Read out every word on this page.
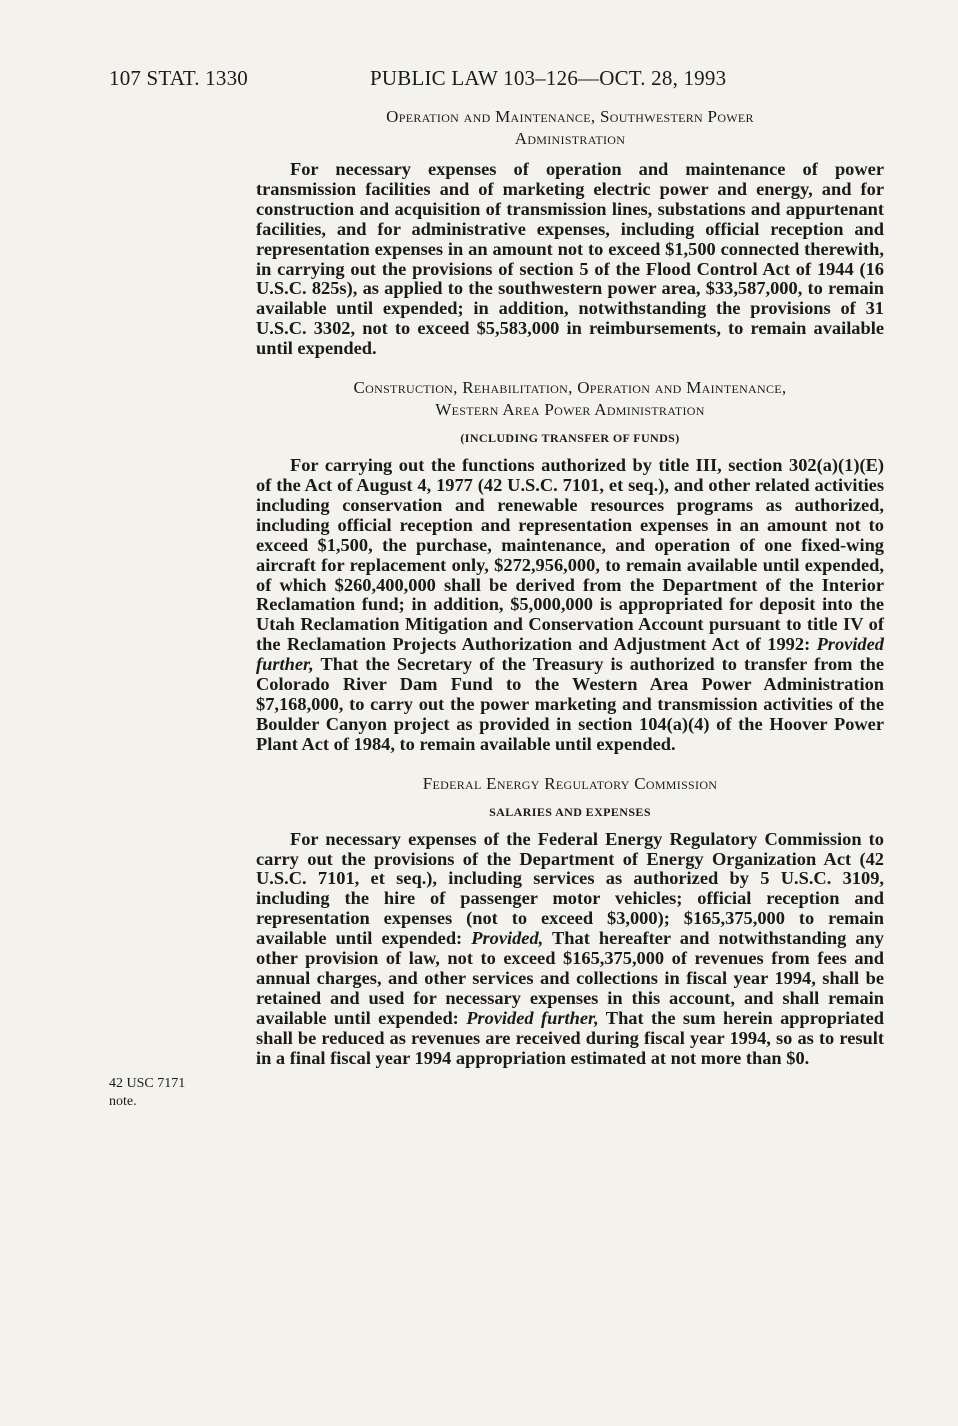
107 STAT. 1330	PUBLIC LAW 103–126—OCT. 28, 1993
42 USC 7171
note.
Operation and Maintenance, Southwestern Power
Administration

For necessary expenses of operation and maintenance of power transmission facilities and of marketing electric power and energy, and for construction and acquisition of transmission lines, substations and appurtenant facilities, and for administrative expenses, including official reception and representation expenses in an amount not to exceed $1,500 connected therewith, in carrying out the provisions of section 5 of the Flood Control Act of 1944 (16 U.S.C. 825s), as applied to the southwestern power area, $33,587,000, to remain available until expended; in addition, notwithstanding the provisions of 31 U.S.C. 3302, not to exceed $5,583,000 in reimbursements, to remain available until expended.

Construction, Rehabilitation, Operation and Maintenance,
Western Area Power Administration
(INCLUDING TRANSFER OF FUNDS)

For carrying out the functions authorized by title III, section 302(a)(1)(E) of the Act of August 4, 1977 (42 U.S.C. 7101, et seq.), and other related activities including conservation and renewable resources programs as authorized, including official reception and representation expenses in an amount not to exceed $1,500, the purchase, maintenance, and operation of one fixed-wing aircraft for replacement only, $272,956,000, to remain available until expended, of which $260,400,000 shall be derived from the Department of the Interior Reclamation fund; in addition, $5,000,000 is appropriated for deposit into the Utah Reclamation Mitigation and Conservation Account pursuant to title IV of the Reclamation Projects Authorization and Adjustment Act of 1992: Provided further, That the Secretary of the Treasury is authorized to transfer from the Colorado River Dam Fund to the Western Area Power Administration $7,168,000, to carry out the power marketing and transmission activities of the Boulder Canyon project as provided in section 104(a)(4) of the Hoover Power Plant Act of 1984, to remain available until expended.

Federal Energy Regulatory Commission
SALARIES AND EXPENSES

For necessary expenses of the Federal Energy Regulatory Commission to carry out the provisions of the Department of Energy Organization Act (42 U.S.C. 7101, et seq.), including services as authorized by 5 U.S.C. 3109, including the hire of passenger motor vehicles; official reception and representation expenses (not to exceed $3,000); $165,375,000 to remain available until expended: Provided, That hereafter and notwithstanding any other provision of law, not to exceed $165,375,000 of revenues from fees and annual charges, and other services and collections in fiscal year 1994, shall be retained and used for necessary expenses in this account, and shall remain available until expended: Provided further, That the sum herein appropriated shall be reduced as revenues are received during fiscal year 1994, so as to result in a final fiscal year 1994 appropriation estimated at not more than $0.
